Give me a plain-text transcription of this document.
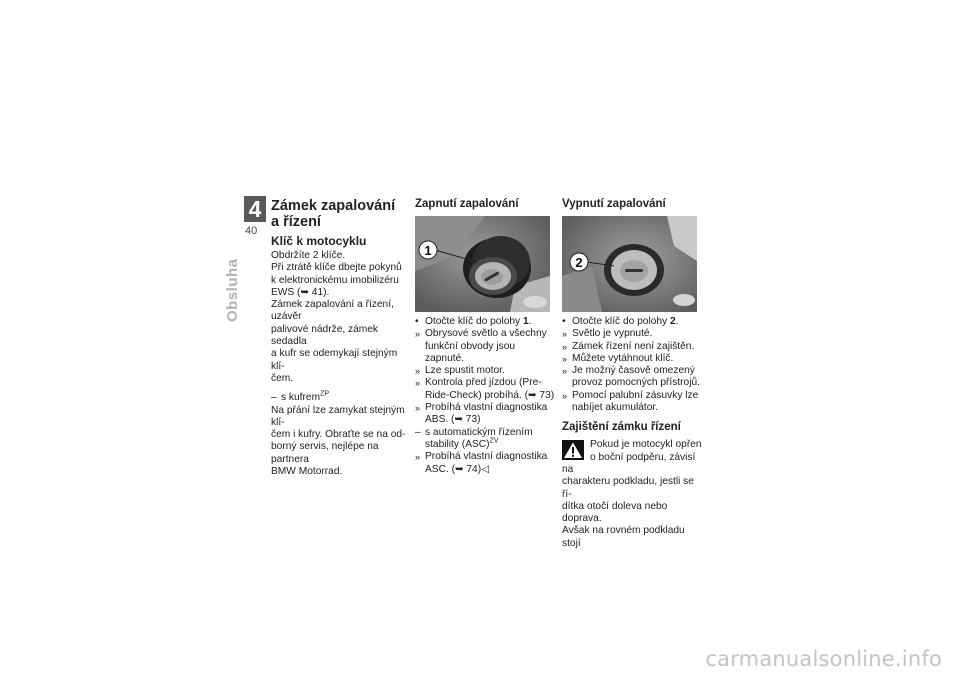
4
40
Obsluha
Zámek zapalování
a řízení
Klíč k motocyklu

Obdržíte 2 klíče.
Při ztrátě klíče dbejte pokynů
k elektronickému imobilizéru
EWS (➥ 41).
Zámek zapalování a řízení, uzávěr
palivové nádrže, zámek sedadla
a kufr se odemykají stejným klí-
čem.

– s kufrem$^{ZP}$

Na přání lze zamykat stejným klí-
čem i kufry. Obraťte se na od-
borný servis, nejlépe na partnera
BMW Motorrad.

Zapnutí zapalování
1

• Otočte klíč do polohy 1.

» Obrysové světlo a všechny funkční obvody jsou zapnuté.

» Lze spustit motor.

» Kontrola před jízdou (Pre-Ride-Check) probíhá. (➥ 73)

» Probíhá vlastní diagnostika ABS. (➥ 73)

– s automatickým řízením stability (ASC)$^{ZV}$

» Probíhá vlastní diagnostika ASC. (➥ 74)◁

Vypnutí zapalování
2

• Otočte klíč do polohy 2.

» Světlo je vypnuté.

» Zámek řízení není zajištěn.

» Můžete vytáhnout klíč.

» Je možný časově omezený provoz pomocných přístrojů.

» Pomocí palubní zásuvky lze nabíjet akumulátor.

Zajištění zámku řízení
Pokud je motocykl opřen
o boční podpěru, závisí na
charakteru podkladu, jestli se ří-
dítka otočí doleva nebo doprava.
Avšak na rovném podkladu stojí
carmanualsonline.info
